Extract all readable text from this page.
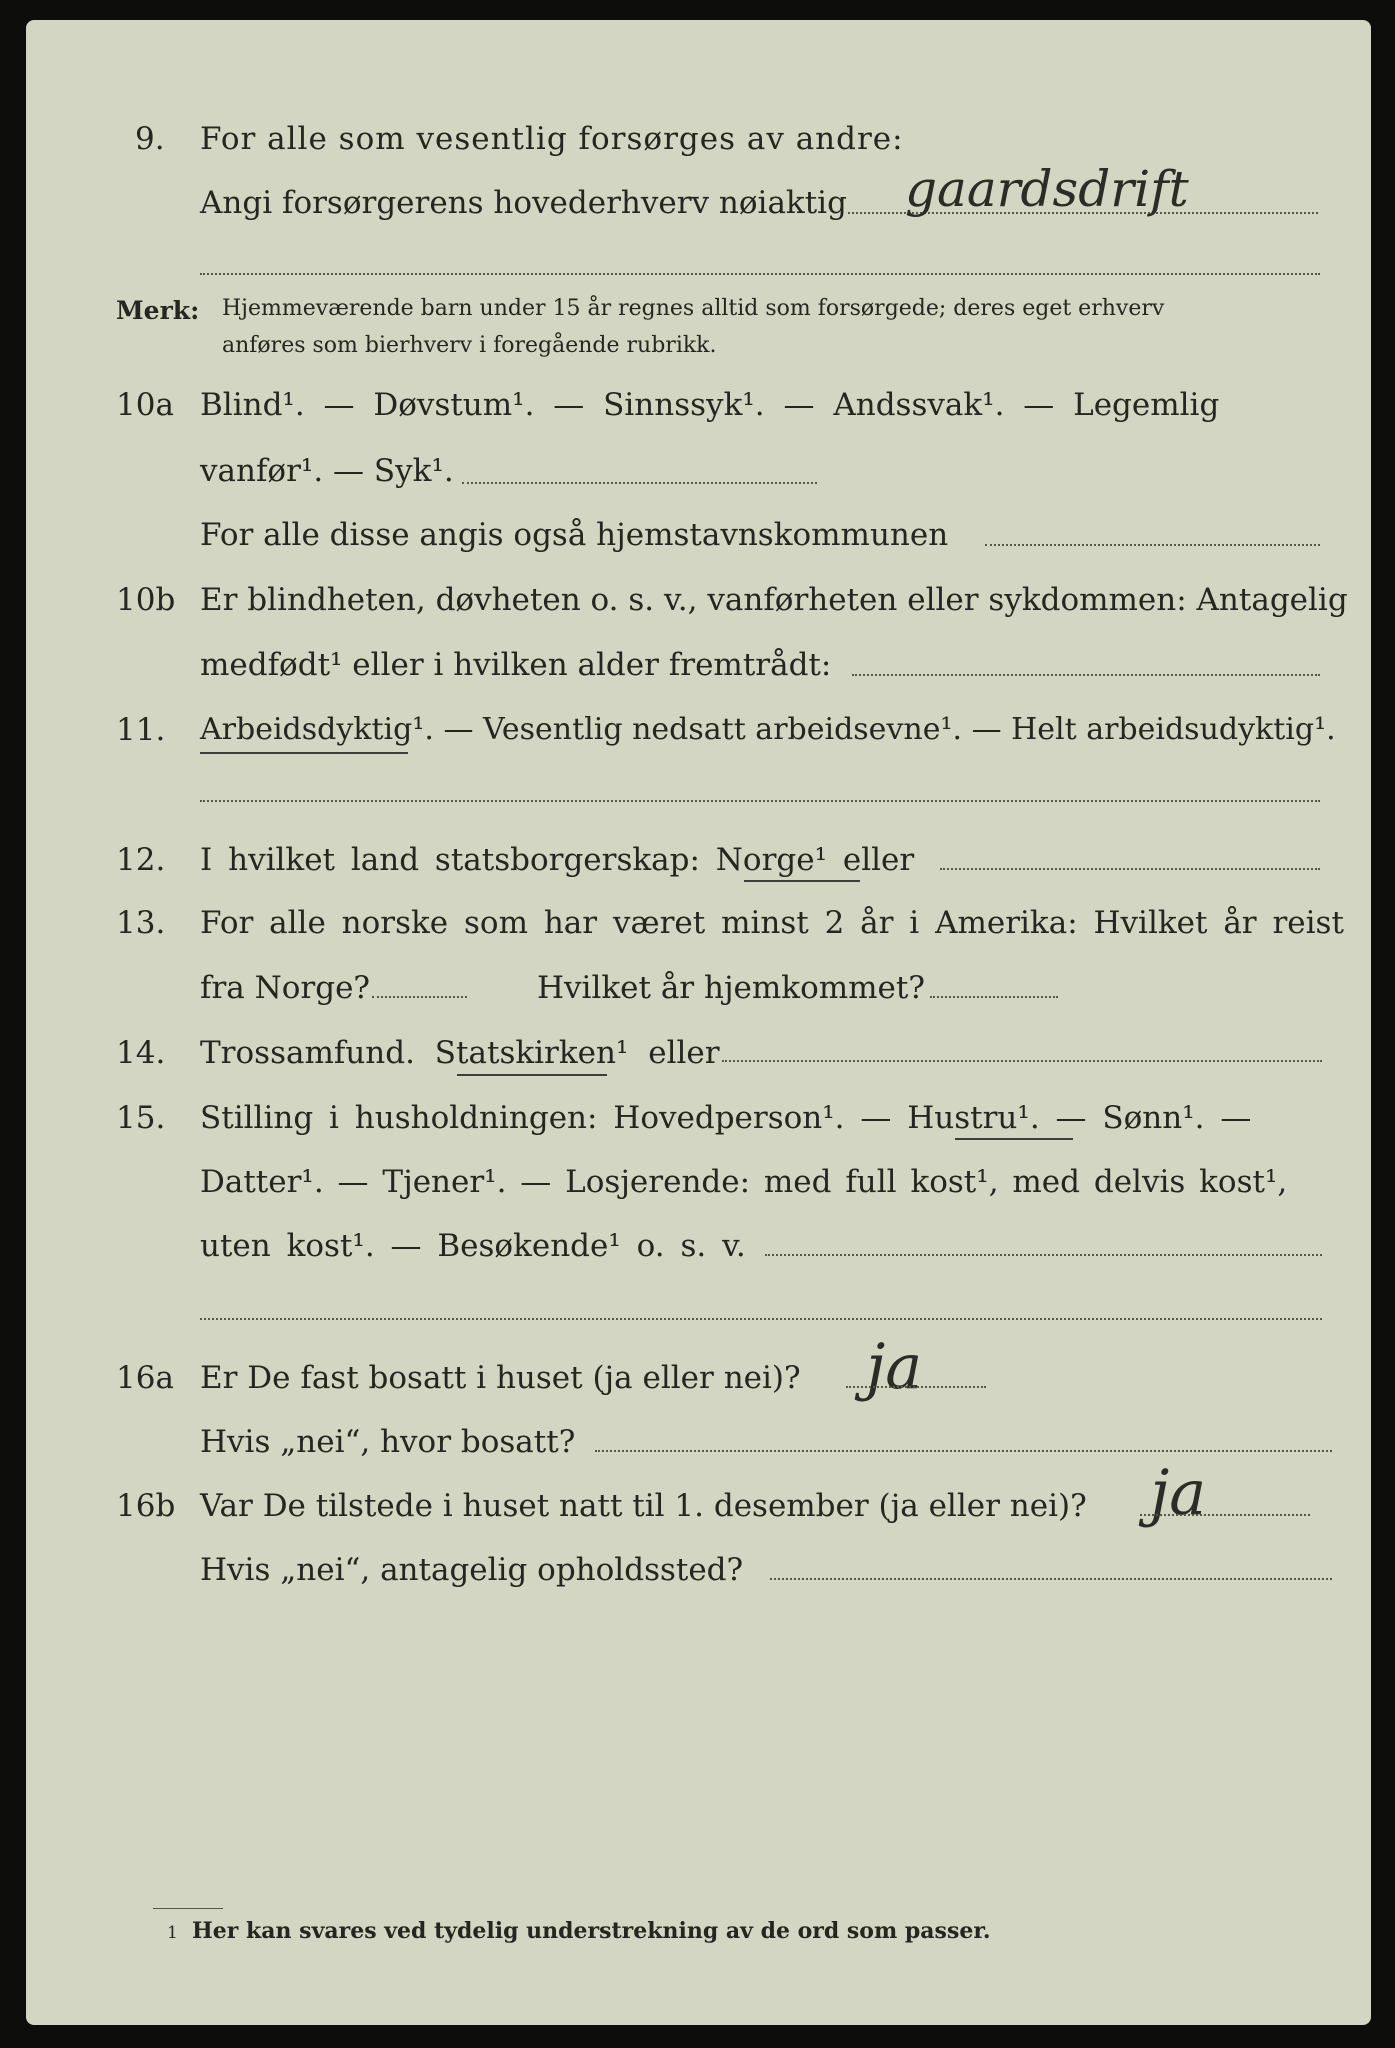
9. For alle som vesentlig forsørges av andre:
Angi forsørgerens hovederhverv nøiaktig gaardsdrift
Merk: Hjemmeværende barn under 15 år regnes alltid som forsørgede; deres eget erhverv
anføres som bierhverv i foregående rubrikk.
10a Blind¹. — Døvstum¹. — Sinnssyk¹. — Andssvak¹. — Legemlig
vanfør¹. — Syk¹.
For alle disse angis også hjemstavnskommunen
10b Er blindheten, døvheten o. s. v., vanførheten eller sykdommen: Antagelig
medfødt¹ eller i hvilken alder fremtrådt:
11. Arbeidsdyktig¹. — Vesentlig nedsatt arbeidsevne¹. — Helt arbeidsudyktig¹.
12. I hvilket land statsborgerskap: Norge¹ eller
13. For alle norske som har været minst 2 år i Amerika: Hvilket år reist
fra Norge?	Hvilket år hjemkommet?
14. Trossamfund. Statskirken¹ eller
15. Stilling i husholdningen: Hovedperson¹. — Hustru¹. — Sønn¹. —
Datter¹. — Tjener¹. — Losjerende: med full kost¹, med delvis kost¹,
uten kost¹. — Besøkende¹ o. s. v.
16a Er De fast bosatt i huset (ja eller nei)? ja
Hvis „nei“, hvor bosatt?
16b Var De tilstede i huset natt til 1. desember (ja eller nei)? ja
Hvis „nei“, antagelig opholdssted?
1 Her kan svares ved tydelig understrekning av de ord som passer.
